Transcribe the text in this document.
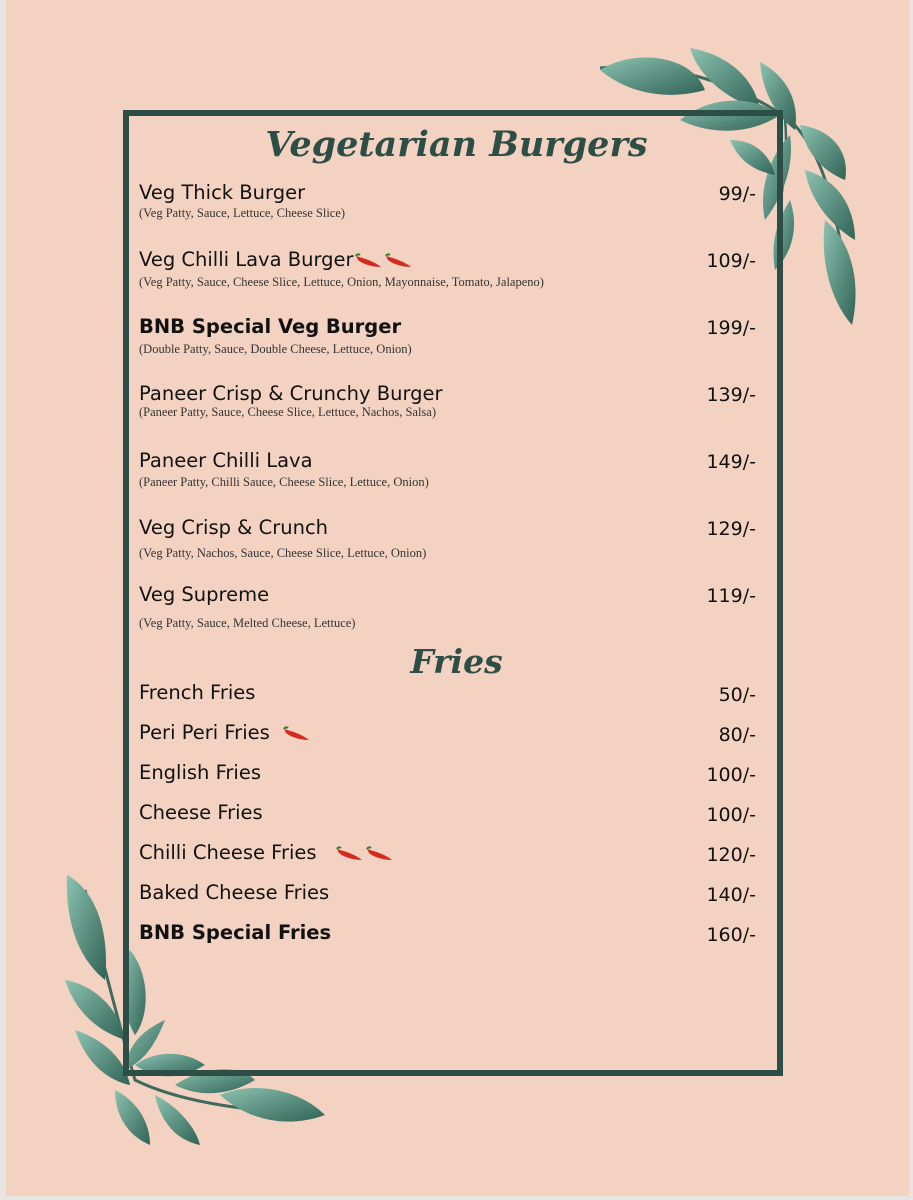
Vegetarian Burgers
Veg Thick Burger
(Veg Patty, Sauce, Lettuce, Cheese Slice)
99/-
Veg Chilli Lava Burger
(Veg Patty, Sauce, Cheese Slice, Lettuce, Onion, Mayonnaise, Tomato, Jalapeno)
109/-
BNB Special Veg Burger
(Double Patty, Sauce, Double Cheese, Lettuce, Onion)
199/-
Paneer Crisp & Crunchy Burger
(Paneer Patty, Sauce, Cheese Slice, Lettuce, Nachos, Salsa)
139/-
Paneer Chilli Lava
(Paneer Patty, Chilli Sauce, Cheese Slice, Lettuce, Onion)
149/-
Veg Crisp & Crunch
(Veg Patty, Nachos, Sauce, Cheese Slice, Lettuce, Onion)
129/-
Veg Supreme
(Veg Patty, Sauce, Melted Cheese, Lettuce)
119/-
Fries
French Fries	50/-
Peri Peri Fries	80/-
English Fries	100/-
Cheese Fries	100/-
Chilli Cheese Fries	120/-
Baked Cheese Fries	140/-
BNB Special Fries	160/-
